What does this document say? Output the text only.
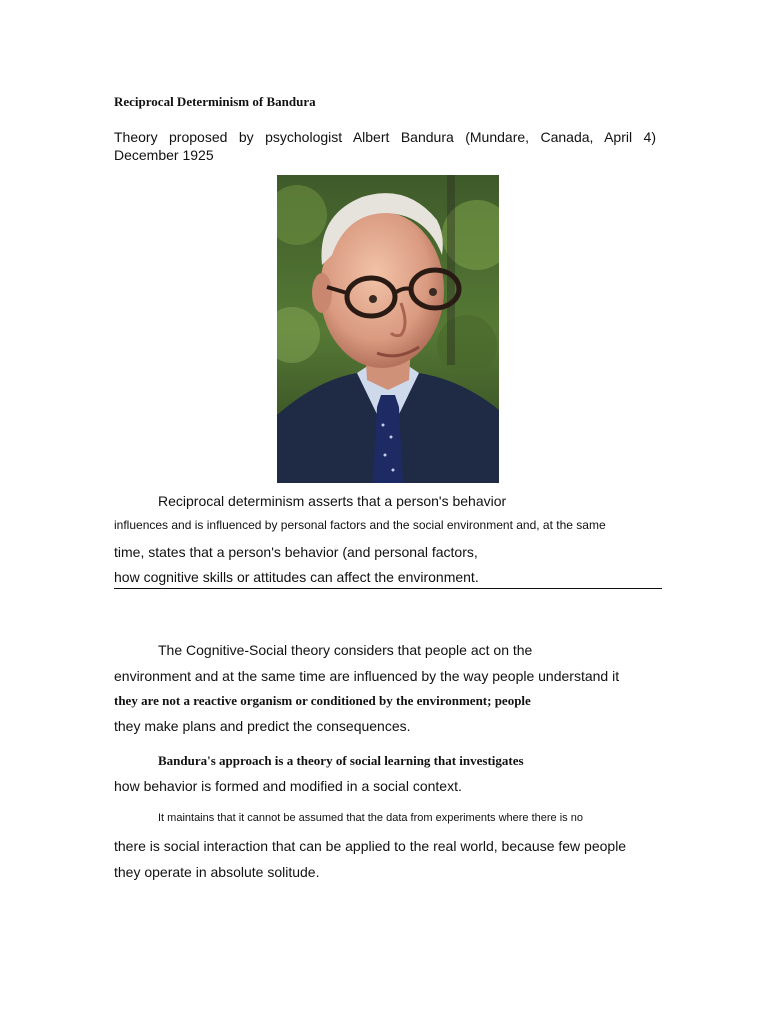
Reciprocal Determinism of Bandura
Theory proposed by psychologist Albert Bandura (Mundare, Canada, April 4)
December 1925
Reciprocal determinism asserts that a person's behavior
influences and is influenced by personal factors and the social environment and, at the same
time, states that a person's behavior (and personal factors,
how cognitive skills or attitudes can affect the environment.
The Cognitive-Social theory considers that people act on the
environment and at the same time are influenced by the way people understand it
they are not a reactive organism or conditioned by the environment; people
they make plans and predict the consequences.
Bandura's approach is a theory of social learning that investigates
how behavior is formed and modified in a social context.
It maintains that it cannot be assumed that the data from experiments where there is no
there is social interaction that can be applied to the real world, because few people
they operate in absolute solitude.
